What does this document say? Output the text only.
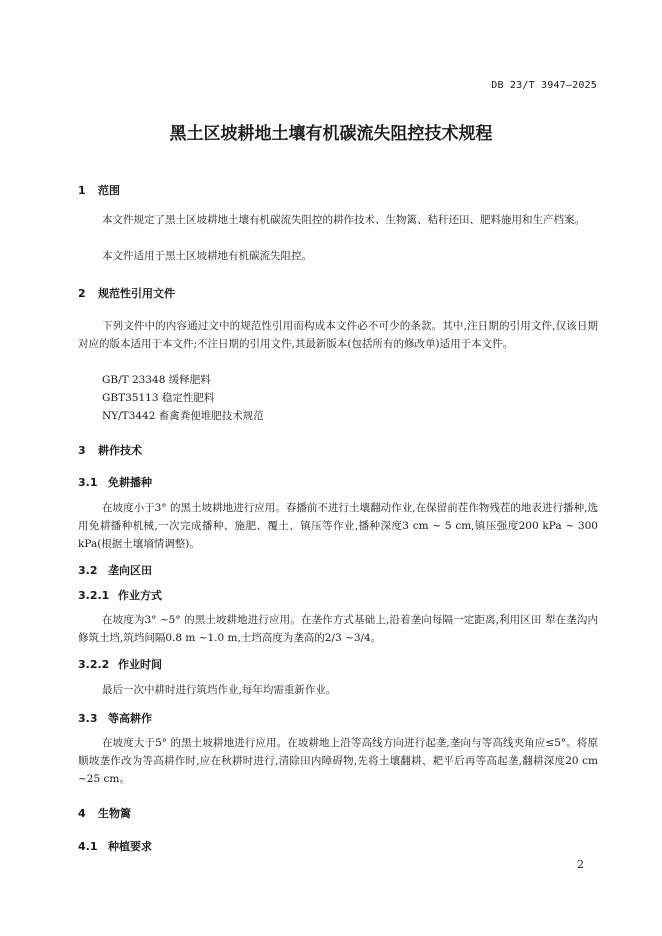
DB 23/T 3947—2025
黑土区坡耕地土壤有机碳流失阻控技术规程
1 范围

本文件规定了黑土区坡耕地土壤有机碳流失阻控的耕作技术、生物篱、秸秆还田、肥料施用和生产档案。

本文件适用于黑土区坡耕地有机碳流失阻控。

2 规范性引用文件

下列文件中的内容通过文中的规范性引用而构成本文件必不可少的条款。其中,注日期的引用文件,仅该日期对应的版本适用于本文件;不注日期的引用文件,其最新版本(包括所有的修改单)适用于本文件。

GB/T 23348 缓释肥料
GBT35113 稳定性肥料
NY/T3442 畜禽粪便堆肥技术规范
3 耕作技术
3.1 免耕播种

在坡度小于3° 的黑土坡耕地进行应用。春播前不进行土壤翻动作业,在保留前茬作物残茬的地表进行播种,选用免耕播种机械,一次完成播种、施肥、覆土、镇压等作业,播种深度3 cm ~ 5 cm,镇压强度200 kPa ~ 300 kPa(根据土壤墒情调整)。

3.2 垄向区田
3.2.1 作业方式

在坡度为3° ~5° 的黑土坡耕地进行应用。在垄作方式基础上,沿着垄向每隔一定距离,利用区田 犁在垄沟内修筑土垱,筑垱间隔0.8 m ~1.0 m,土垱高度为垄高的2/3 ~3/4。

3.2.2 作业时间

最后一次中耕时进行筑垱作业,每年均需重新作业。

3.3 等高耕作

在坡度大于5° 的黑土坡耕地进行应用。在坡耕地上沿等高线方向进行起垄,垄向与等高线夹角应≤5°。将原顺坡垄作改为等高耕作时,应在秋耕时进行,清除田内障碍物,先将土壤翻耕、耙平后再等高起垄,翻耕深度20 cm ~25 cm。

4 生物篱
4.1 种植要求
2
